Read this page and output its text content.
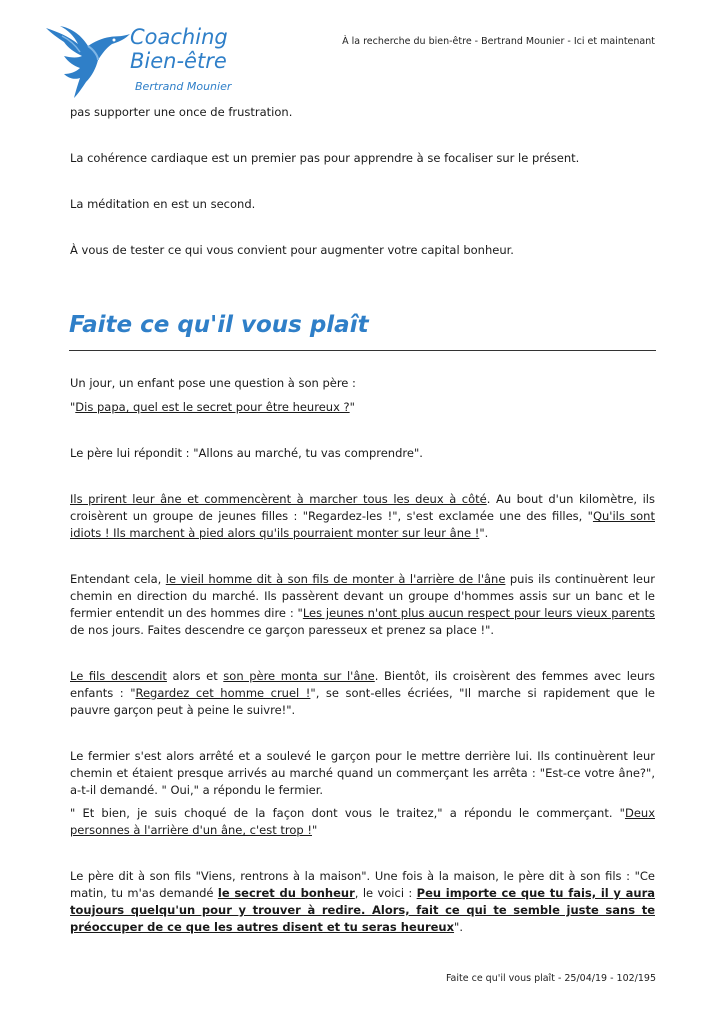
Coaching
Bien-être
Bertrand Mounier
À la recherche du bien-être - Bertrand Mounier - Ici et maintenant

pas supporter une once de frustration.

La cohérence cardiaque est un premier pas pour apprendre à se focaliser sur le présent.

La méditation en est un second.

À vous de tester ce qui vous convient pour augmenter votre capital bonheur.

Faite ce qu'il vous plaît

Un jour, un enfant pose une question à son père :

"Dis papa, quel est le secret pour être heureux ?"

Le père lui répondit : "Allons au marché, tu vas comprendre".

Ils prirent leur âne et commencèrent à marcher tous les deux à côté. Au bout d'un kilomètre, ils croisèrent un groupe de jeunes filles : "Regardez-les !", s'est exclamée une des filles, "Qu'ils sont idiots ! Ils marchent à pied alors qu'ils pourraient monter sur leur âne !".

Entendant cela, le vieil homme dit à son fils de monter à l'arrière de l'âne puis ils continuèrent leur chemin en direction du marché. Ils passèrent devant un groupe d'hommes assis sur un banc et le fermier entendit un des hommes dire : "Les jeunes n'ont plus aucun respect pour leurs vieux parents de nos jours. Faites descendre ce garçon paresseux et prenez sa place !".

Le fils descendit alors et son père monta sur l'âne. Bientôt, ils croisèrent des femmes avec leurs enfants : "Regardez cet homme cruel !", se sont-elles écriées, "Il marche si rapidement que le pauvre garçon peut à peine le suivre!".

Le fermier s'est alors arrêté et a soulevé le garçon pour le mettre derrière lui. Ils continuèrent leur chemin et étaient presque arrivés au marché quand un commerçant les arrêta : "Est-ce votre âne?", a-t-il demandé. " Oui," a répondu le fermier.

" Et bien, je suis choqué de la façon dont vous le traitez," a répondu le commerçant. "Deux personnes à l'arrière d'un âne, c'est trop !"

Le père dit à son fils "Viens, rentrons à la maison". Une fois à la maison, le père dit à son fils : "Ce matin, tu m'as demandé le secret du bonheur, le voici : Peu importe ce que tu fais, il y aura toujours quelqu'un pour y trouver à redire. Alors, fait ce qui te semble juste sans te préoccuper de ce que les autres disent et tu seras heureux".

Faite ce qu'il vous plaît - 25/04/19 - 102/195
